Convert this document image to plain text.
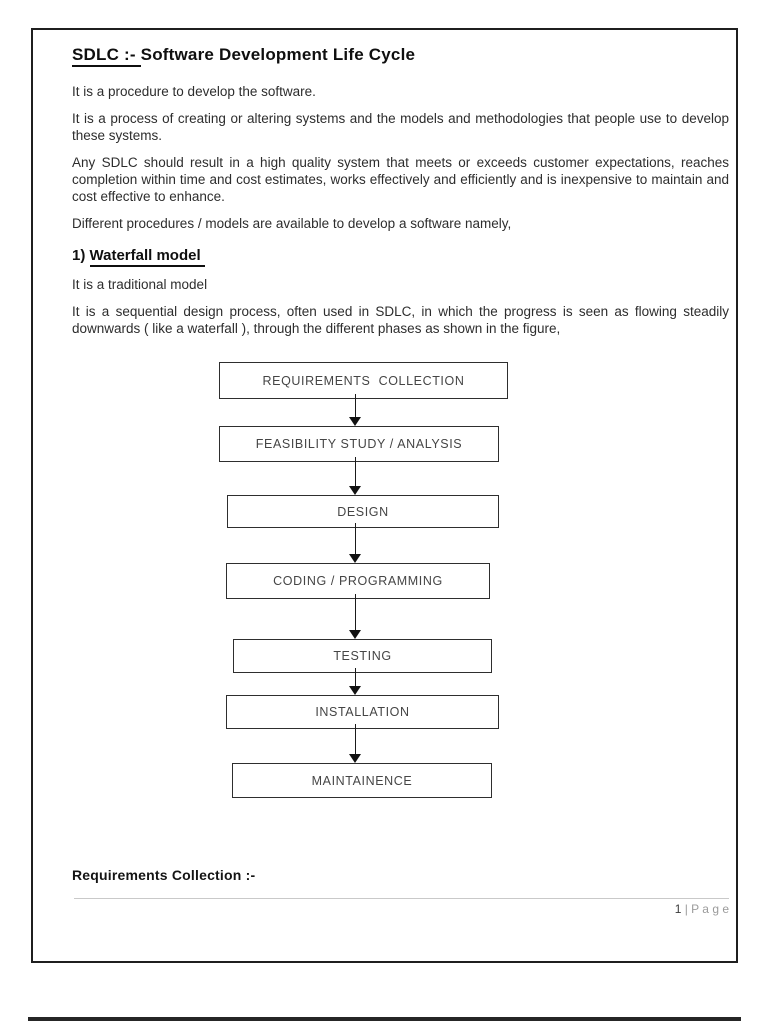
SDLC :- Software Development Life Cycle

It is a procedure to develop the software.

It is a process of creating or altering systems and the models and methodologies that people use to develop these systems.

Any SDLC should result in a high quality system that meets or exceeds customer expectations, reaches completion within time and cost estimates, works effectively and efficiently and is inexpensive to maintain and cost effective to enhance.

Different procedures / models are available to develop a software namely,

1) Waterfall model

It is a traditional model

It is a sequential design process, often used in SDLC, in which the progress is seen as flowing steadily downwards ( like a waterfall ), through the different phases as shown in the figure,

REQUIREMENTS  COLLECTION
FEASIBILITY STUDY / ANALYSIS
DESIGN
CODING / PROGRAMMING
TESTING
INSTALLATION
MAINTAINENCE
Requirements Collection :-
1 | P a g e
